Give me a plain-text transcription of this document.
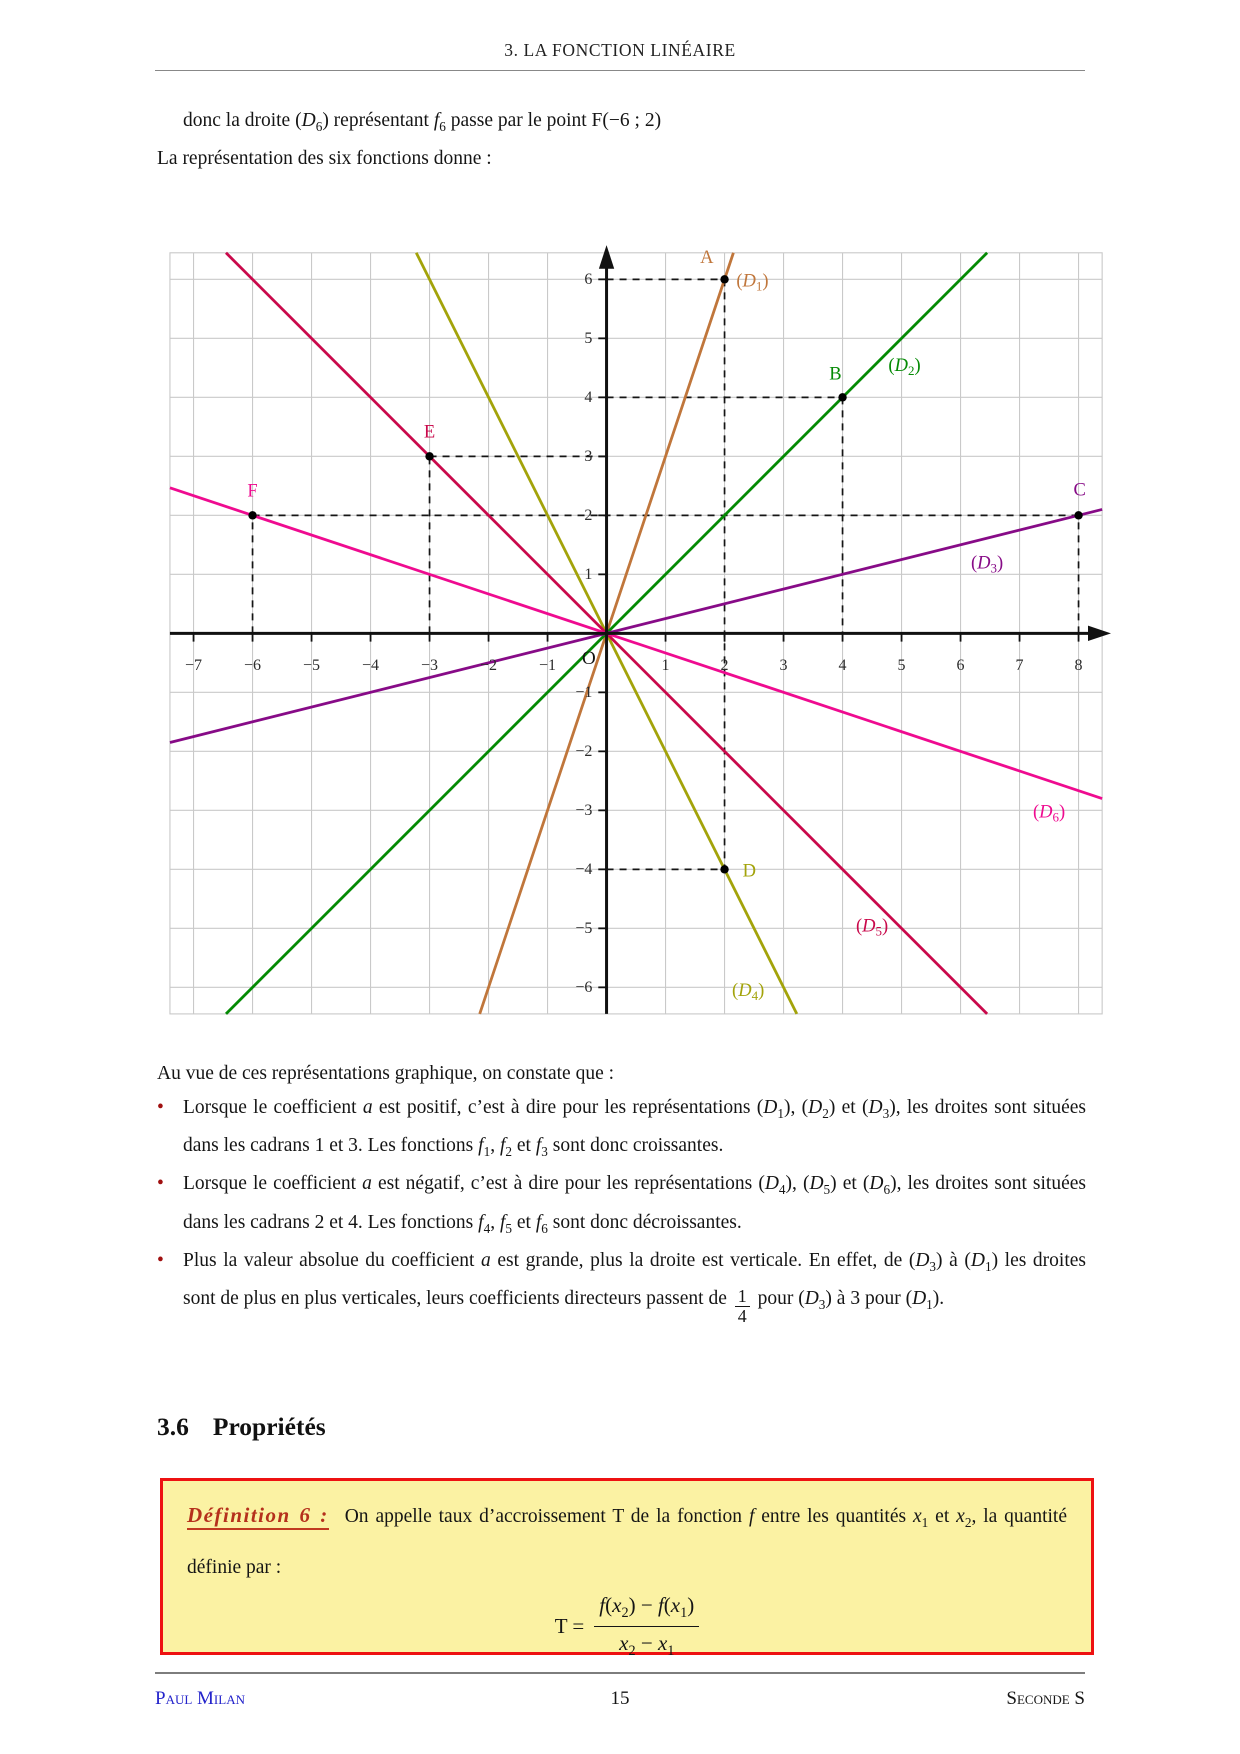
3. LA FONCTION LINÉAIRE
donc la droite $(D_6)$ représentant $f_6$ passe par le point F(−6 ; 2)
La représentation des six fonctions donne :
$(D_1)$
$(D_2)$
$(D_3)$
$(D_4)$
$(D_5)$
$(D_6)$
−7	−6	−5	−4	−3	−2	−1	1	2	3	4	5	6	7	8
−6
−5
−4
−3
−2
−1
1
2
3
4
5
6
O
A
B
C
D
E
F

Au vue de ces représentations graphique, on constate que :

• Lorsque le coefficient a est positif, c’est à dire pour les représentations $(D_1)$, $(D_2)$ et $(D_3)$, les droites sont situées dans les cadrans 1 et 3. Les fonctions $f_1$, $f_2$ et $f_3$ sont donc croissantes.
• Lorsque le coefficient a est négatif, c’est à dire pour les représentations $(D_4)$, $(D_5)$ et $(D_6)$, les droites sont situées dans les cadrans 2 et 4. Les fonctions $f_4$, $f_5$ et $f_6$ sont donc décroissantes.
• Plus la valeur absolue du coefficient a est grande, plus la droite est verticale. En effet, de $(D_3)$ à $(D_1)$ les droites sont de plus en plus verticales, leurs coefficients directeurs passent de $\frac{1}{4}$ pour $(D_3)$ à 3 pour $(D_1)$.
3.6 Propriétés
Définition 6 : On appelle taux d’accroissement T de la fonction f entre les quantités $x_1$ et $x_2$, la quantité définie par :
$T = \frac{f(x_2) - f(x_1)}{x_2 - x_1}$
Paul Milan	15	Seconde S
